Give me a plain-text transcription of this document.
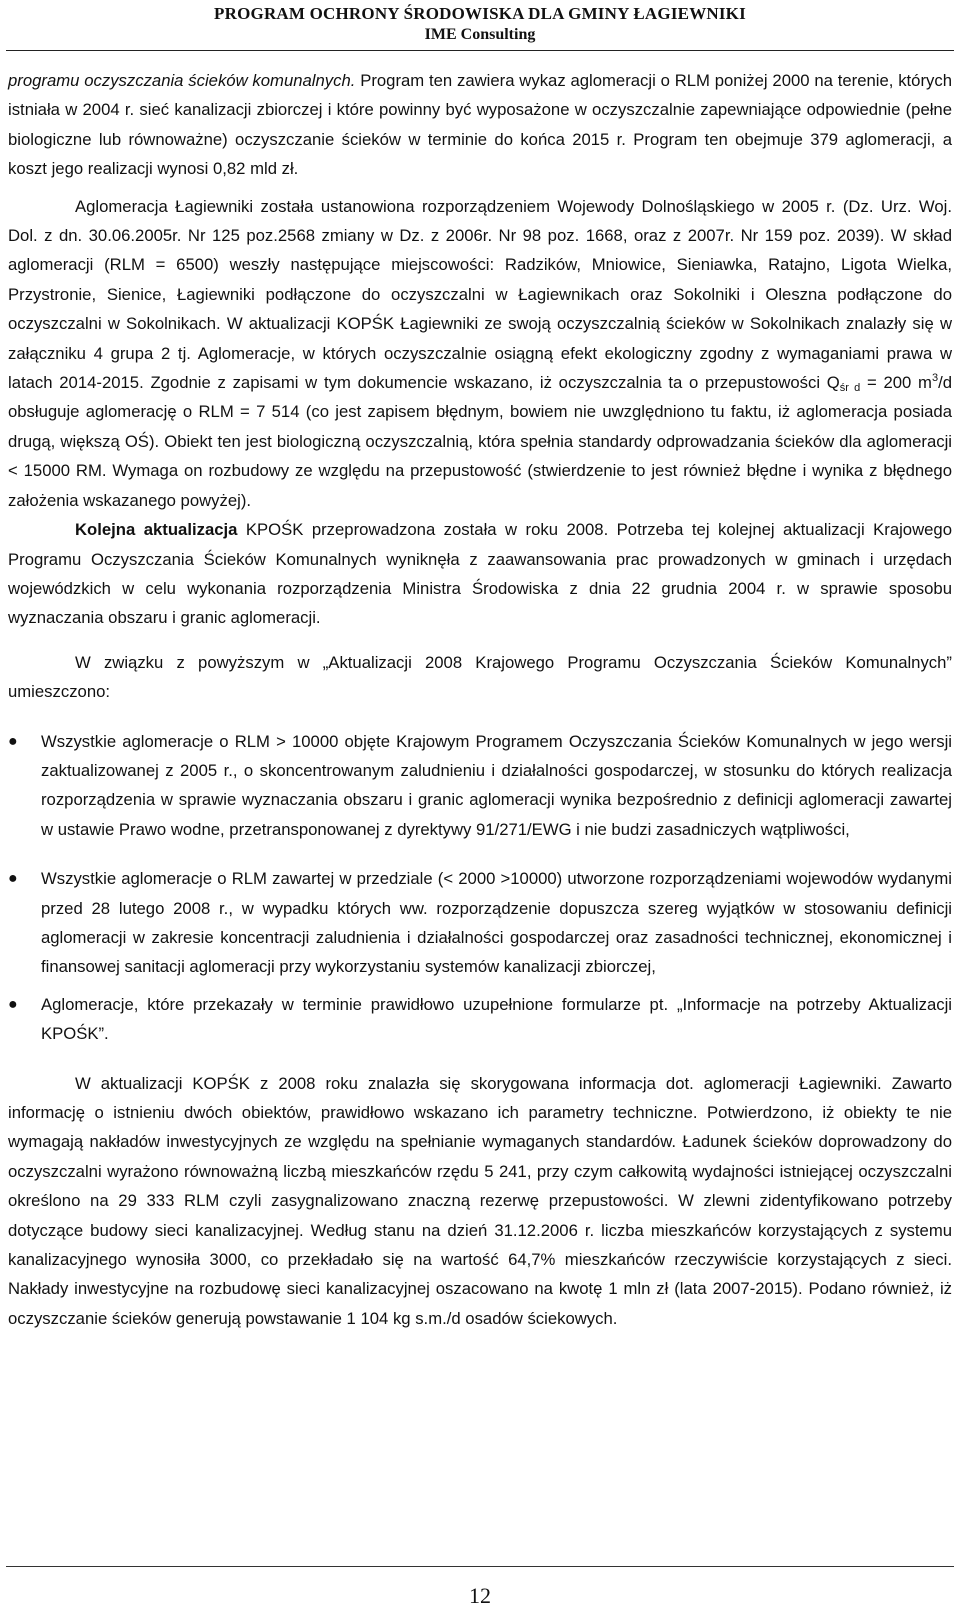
PROGRAM OCHRONY ŚRODOWISKA DLA GMINY ŁAGIEWNIKI
IME Consulting

programu oczyszczania ścieków komunalnych. Program ten zawiera wykaz aglomeracji o RLM poniżej 2000 na terenie, których istniała w 2004 r. sieć kanalizacji zbiorczej i które powinny być wyposażone w oczyszczalnie zapewniające odpowiednie (pełne biologiczne lub równoważne) oczyszczanie ścieków w terminie do końca 2015 r. Program ten obejmuje 379 aglomeracji, a koszt jego realizacji wynosi 0,82 mld zł.

Aglomeracja Łagiewniki została ustanowiona rozporządzeniem Wojewody Dolnośląskiego w 2005 r. (Dz. Urz. Woj. Dol. z dn. 30.06.2005r. Nr 125 poz.2568 zmiany w Dz. z 2006r. Nr 98 poz. 1668, oraz z 2007r. Nr 159 poz. 2039). W skład aglomeracji (RLM = 6500) weszły następujące miejscowości: Radzików, Mniowice, Sieniawka, Ratajno, Ligota Wielka, Przystronie, Sienice, Łagiewniki podłączone do oczyszczalni w Łagiewnikach oraz Sokolniki i Oleszna podłączone do oczyszczalni w Sokolnikach. W aktualizacji KOPŚK Łagiewniki ze swoją oczyszczalnią ścieków w Sokolnikach znalazły się w załączniku 4 grupa 2 tj. Aglomeracje, w których oczyszczalnie osiągną efekt ekologiczny zgodny z wymaganiami prawa w latach 2014-2015. Zgodnie z zapisami w tym dokumencie wskazano, iż oczyszczalnia ta o przepustowości $Q_{śr d} = 200$ $m^3/d$ obsługuje aglomerację o RLM = 7 514 (co jest zapisem błędnym, bowiem nie uwzględniono tu faktu, iż aglomeracja posiada drugą, większą OŚ). Obiekt ten jest biologiczną oczyszczalnią, która spełnia standardy odprowadzania ścieków dla aglomeracji < 15000 RM. Wymaga on rozbudowy ze względu na przepustowość (stwierdzenie to jest również błędne i wynika z błędnego założenia wskazanego powyżej).

Kolejna aktualizacja KPOŚK przeprowadzona została w roku 2008. Potrzeba tej kolejnej aktualizacji Krajowego Programu Oczyszczania Ścieków Komunalnych wyniknęła z zaawansowania prac prowadzonych w gminach i urzędach wojewódzkich w celu wykonania rozporządzenia Ministra Środowiska z dnia 22 grudnia 2004 r. w sprawie sposobu wyznaczania obszaru i granic aglomeracji.

W związku z powyższym w „Aktualizacji 2008 Krajowego Programu Oczyszczania Ścieków Komunalnych” umieszczono:

● Wszystkie aglomeracje o RLM > 10000 objęte Krajowym Programem Oczyszczania Ścieków Komunalnych w jego wersji zaktualizowanej z 2005 r., o skoncentrowanym zaludnieniu i działalności gospodarczej, w stosunku do których realizacja rozporządzenia w sprawie wyznaczania obszaru i granic aglomeracji wynika bezpośrednio z definicji aglomeracji zawartej w ustawie Prawo wodne, przetransponowanej z dyrektywy 91/271/EWG i nie budzi zasadniczych wątpliwości,
● Wszystkie aglomeracje o RLM zawartej w przedziale (< 2000 >10000) utworzone rozporządzeniami wojewodów wydanymi przed 28 lutego 2008 r., w wypadku których ww. rozporządzenie dopuszcza szereg wyjątków w stosowaniu definicji aglomeracji w zakresie koncentracji zaludnienia i działalności gospodarczej oraz zasadności technicznej, ekonomicznej i finansowej sanitacji aglomeracji przy wykorzystaniu systemów kanalizacji zbiorczej,
● Aglomeracje, które przekazały w terminie prawidłowo uzupełnione formularze pt. „Informacje na potrzeby Aktualizacji KPOŚK”.

W aktualizacji KOPŚK z 2008 roku znalazła się skorygowana informacja dot. aglomeracji Łagiewniki. Zawarto informację o istnieniu dwóch obiektów, prawidłowo wskazano ich parametry techniczne. Potwierdzono, iż obiekty te nie wymagają nakładów inwestycyjnych ze względu na spełnianie wymaganych standardów. Ładunek ścieków doprowadzony do oczyszczalni wyrażono równoważną liczbą mieszkańców rzędu 5 241, przy czym całkowitą wydajności istniejącej oczyszczalni określono na 29 333 RLM czyli zasygnalizowano znaczną rezerwę przepustowości. W zlewni zidentyfikowano potrzeby dotyczące budowy sieci kanalizacyjnej. Według stanu na dzień 31.12.2006 r. liczba mieszkańców korzystających z systemu kanalizacyjnego wynosiła 3000, co przekładało się na wartość 64,7% mieszkańców rzeczywiście korzystających z sieci. Nakłady inwestycyjne na rozbudowę sieci kanalizacyjnej oszacowano na kwotę 1 mln zł (lata 2007-2015). Podano również, iż oczyszczanie ścieków generują powstawanie 1 104 kg s.m./d osadów ściekowych.

12
